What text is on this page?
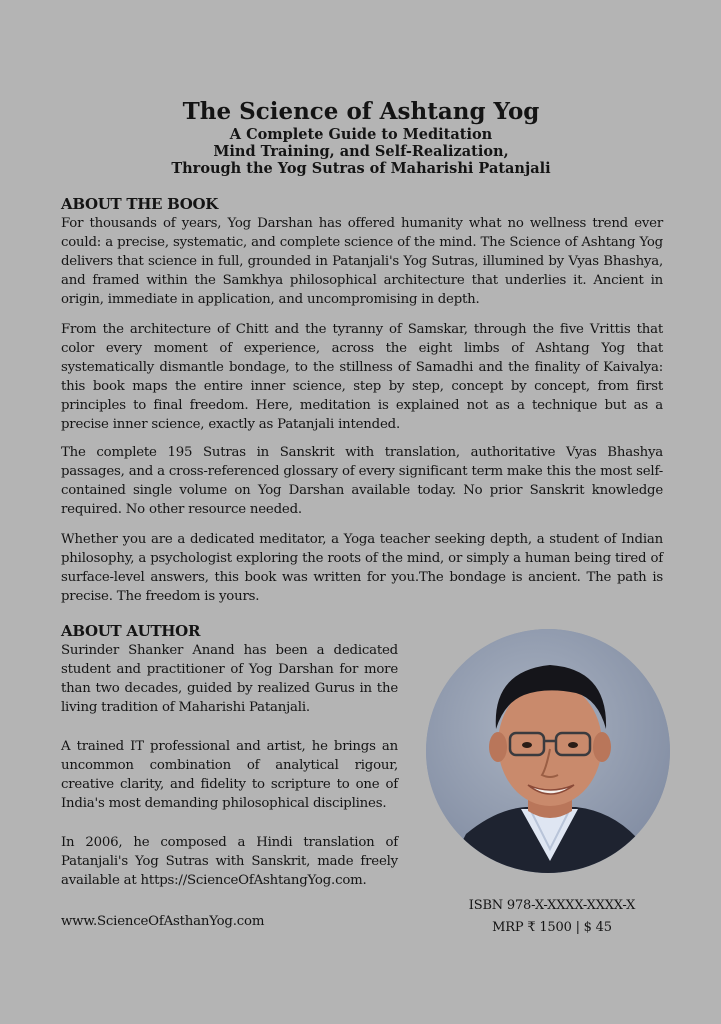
The Science of Ashtang Yog

A Complete Guide to Meditation

Mind Training, and Self-Realization,

Through the Yog Sutras of Maharishi Patanjali

ABOUT THE BOOK

For thousands of years, Yog Darshan has offered humanity what no wellness trend ever could: a precise, systematic, and complete science of the mind. The Science of Ashtang Yog delivers that science in full, grounded in Patanjali's Yog Sutras, illumined by Vyas Bhashya, and framed within the Samkhya philosophical architecture that underlies it. Ancient in origin, immediate in application, and uncompromising in depth.

From the architecture of Chitt and the tyranny of Samskar, through the five Vrittis that color every moment of experience, across the eight limbs of Ashtang Yog that systematically dismantle bondage, to the stillness of Samadhi and the finality of Kaivalya: this book maps the entire inner science, step by step, concept by concept, from first principles to final freedom. Here, meditation is explained not as a technique but as a precise inner science, exactly as Patanjali intended.

The complete 195 Sutras in Sanskrit with translation, authoritative Vyas Bhashya passages, and a cross-referenced glossary of every significant term make this the most self-contained single volume on Yog Darshan available today. No prior Sanskrit knowledge required. No other resource needed.

Whether you are a dedicated meditator, a Yoga teacher seeking depth, a student of Indian philosophy, a psychologist exploring the roots of the mind, or simply a human being tired of surface-level answers, this book was written for you.The bondage is ancient. The path is precise. The freedom is yours.

ABOUT AUTHOR

Surinder Shanker Anand has been a dedicated student and practitioner of Yog Darshan for more than two decades, guided by realized Gurus in the living tradition of Maharishi Patanjali.

A trained IT professional and artist, he brings an uncommon combination of analytical rigour, creative clarity, and fidelity to scripture to one of India's most demanding philosophical disciplines.

In 2006, he composed a Hindi translation of Patanjali's Yog Sutras with Sanskrit, made freely available at https://ScienceOfAshtangYog.com.

ISBN 978-X-XXXX-XXXX-X
MRP ₹ 1500 | $ 45
www.ScienceOfAsthanYog.com
